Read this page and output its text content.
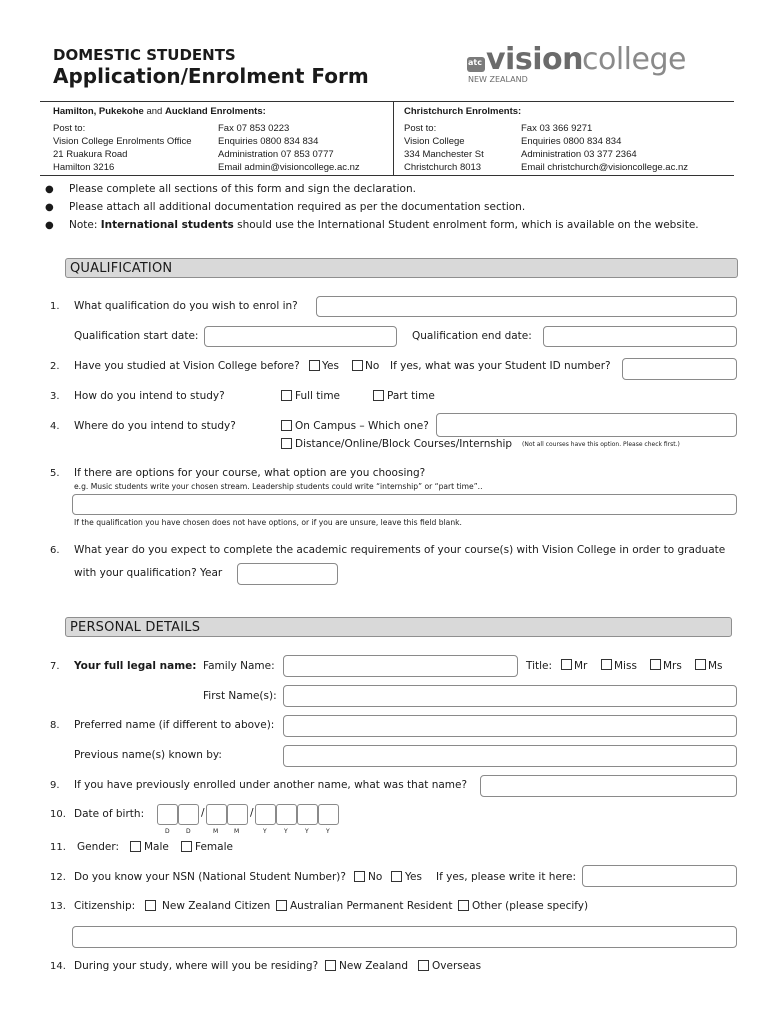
DOMESTIC STUDENTS
Application/Enrolment Form
atc vision college
NEW ZEALAND
Hamilton, Pukekohe and Auckland Enrolments:
Post to:
Vision College Enrolments Office
21 Ruakura Road
Hamilton 3216
Fax 07 853 0223
Enquiries 0800 834 834
Administration 07 853 0777
Email admin@visioncollege.ac.nz
Christchurch Enrolments:
Post to:
Vision College
334 Manchester St
Christchurch 8013
Fax 03 366 9271
Enquiries 0800 834 834
Administration 03 377 2364
Email christchurch@visioncollege.ac.nz
● Please complete all sections of this form and sign the declaration.
● Please attach all additional documentation required as per the documentation section.
● Note: International students should use the International Student enrolment form, which is available on the website.
QUALIFICATION
1. What qualification do you wish to enrol in?
Qualification start date:	Qualification end date:
2. Have you studied at Vision College before? Yes No If yes, what was your Student ID number?
3. How do you intend to study?	Full time	Part time
4. Where do you intend to study?	On Campus – Which one?
Distance/Online/Block Courses/Internship (Not all courses have this option. Please check first.)
5. If there are options for your course, what option are you choosing?
e.g. Music students write your chosen stream. Leadership students could write “internship” or “part time”..
If the qualification you have chosen does not have options, or if you are unsure, leave this field blank.
6. What year do you expect to complete the academic requirements of your course(s) with Vision College in order to graduate
with your qualification? Year
PERSONAL DETAILS
7. Your full legal name: Family Name:	Title: Mr	Miss Mrs Ms
First Name(s):
8. Preferred name (if different to above):
Previous name(s) known by:
9. If you have previously enrolled under another name, what was that name?
10. Date of birth:	/	/
D	D	M	M	Y	Y	Y	Y
11. Gender: Male Female
12. Do you know your NSN (National Student Number)? No Yes If yes, please write it here:
13. Citizenship:	New Zealand Citizen Australian Permanent Resident Other (please specify)
14. During your study, where will you be residing? New Zealand Overseas
